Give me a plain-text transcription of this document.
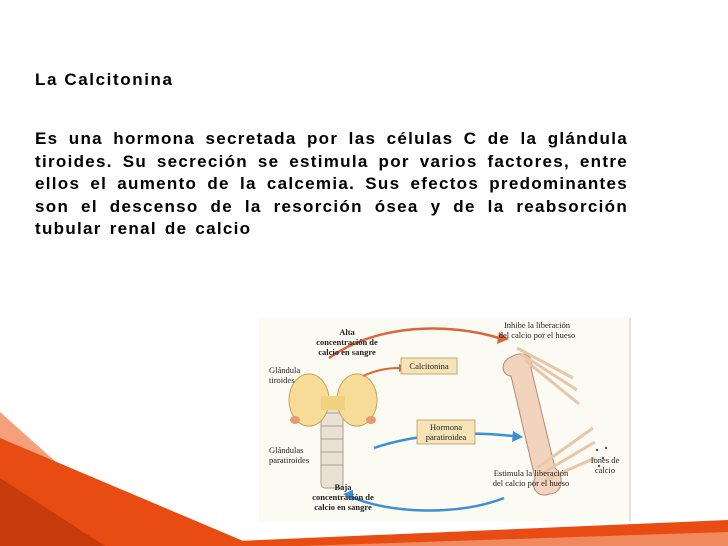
La Calcitonina

Es una hormona secretada por las células C de la glándula tiroides. Su secreción se estimula por varios factores, entre ellos el aumento de la calcemia. Sus efectos predominantes son el descenso de la resorción ósea y de la reabsorción tubular renal de calcio

Alta
concentración de
calcio en sangre
Glándula
tiroides
Calcitonina
Inhibe la liberación
del calcio por el hueso
Glándulas
paratiroides
Hormona
paratiroidea
Iones de
calcio
Estimula la liberación
del calcio por el hueso
Baja
concentración de
calcio en sangre
